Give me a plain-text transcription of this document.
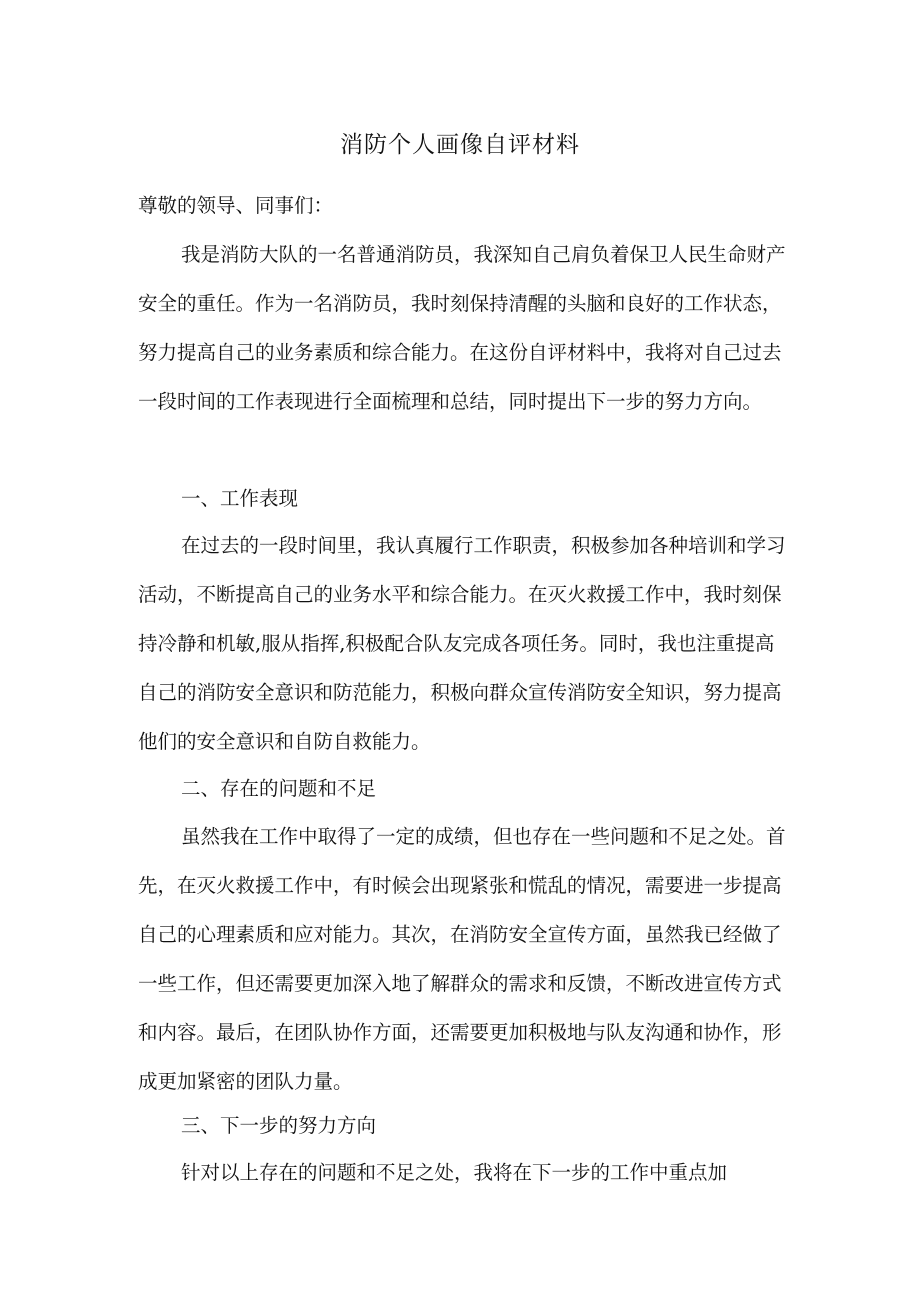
消防个人画像自评材料

尊敬的领导、同事们：

我是消防大队的一名普通消防员，我深知自己肩负着保卫人民生命财产安全的重任。作为一名消防员，我时刻保持清醒的头脑和良好的工作状态，努力提高自己的业务素质和综合能力。在这份自评材料中，我将对自己过去一段时间的工作表现进行全面梳理和总结，同时提出下一步的努力方向。

一、工作表现

在过去的一段时间里，我认真履行工作职责，积极参加各种培训和学习活动，不断提高自己的业务水平和综合能力。在灭火救援工作中，我时刻保持冷静和机敏,服从指挥,积极配合队友完成各项任务。同时，我也注重提高自己的消防安全意识和防范能力，积极向群众宣传消防安全知识，努力提高他们的安全意识和自防自救能力。

二、存在的问题和不足

虽然我在工作中取得了一定的成绩，但也存在一些问题和不足之处。首先，在灭火救援工作中，有时候会出现紧张和慌乱的情况，需要进一步提高自己的心理素质和应对能力。其次，在消防安全宣传方面，虽然我已经做了一些工作，但还需要更加深入地了解群众的需求和反馈，不断改进宣传方式和内容。最后，在团队协作方面，还需要更加积极地与队友沟通和协作，形成更加紧密的团队力量。

三、下一步的努力方向

针对以上存在的问题和不足之处，我将在下一步的工作中重点加
